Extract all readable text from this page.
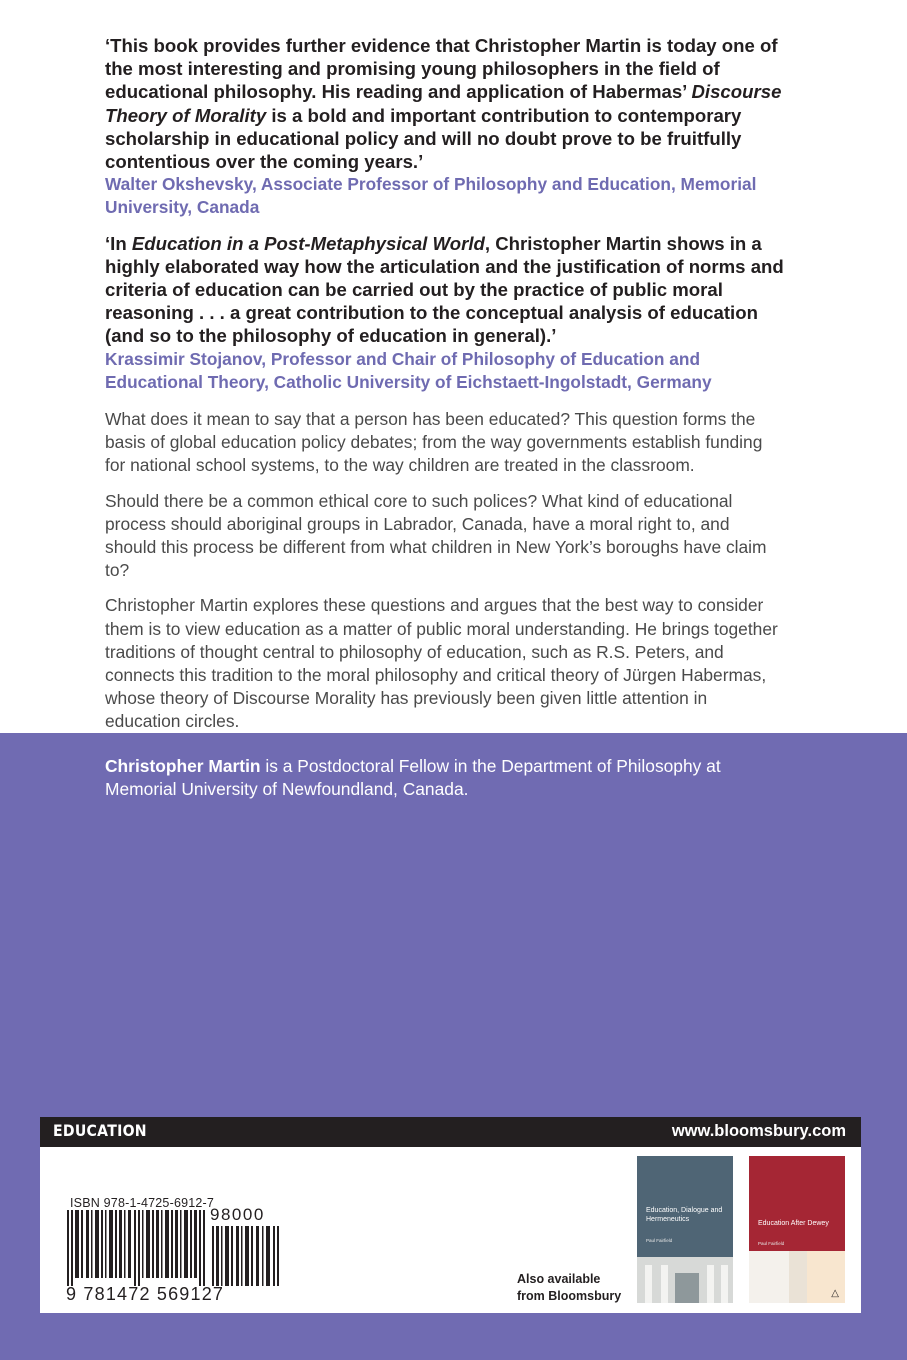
‘This book provides further evidence that Christopher Martin is today one of the most interesting and promising young philosophers in the field of educational philosophy. His reading and application of Habermas’ Discourse Theory of Morality is a bold and important contribution to contemporary scholarship in educational policy and will no doubt prove to be fruitfully contentious over the coming years.’

Walter Okshevsky, Associate Professor of Philosophy and Education, Memorial University, Canada

‘In Education in a Post-Metaphysical World, Christopher Martin shows in a highly elaborated way how the articulation and the justification of norms and criteria of education can be carried out by the practice of public moral reasoning . . . a great contribution to the conceptual analysis of education (and so to the philosophy of education in general).’

Krassimir Stojanov, Professor and Chair of Philosophy of Education and Educational Theory, Catholic University of Eichstaett-Ingolstadt, Germany

What does it mean to say that a person has been educated? This question forms the basis of global education policy debates; from the way governments establish funding for national school systems, to the way children are treated in the classroom.

Should there be a common ethical core to such polices? What kind of educational process should aboriginal groups in Labrador, Canada, have a moral right to, and should this process be different from what children in New York’s boroughs have claim to?

Christopher Martin explores these questions and argues that the best way to consider them is to view education as a matter of public moral understanding. He brings together traditions of thought central to philosophy of education, such as R.S. Peters, and connects this tradition to the moral philosophy and critical theory of Jürgen Habermas, whose theory of Discourse Morality has previously been given little attention in education circles.

Christopher Martin is a Postdoctoral Fellow in the Department of Philosophy at Memorial University of Newfoundland, Canada.

EDUCATION	www.bloomsbury.com
ISBN 978-1-4725-6912-7
98000
9 781472 569127
Also available from Bloomsbury
Education, Dialogue and Hermeneutics
Paul Fairfield
Education After Dewey
Paul Fairfield
△
